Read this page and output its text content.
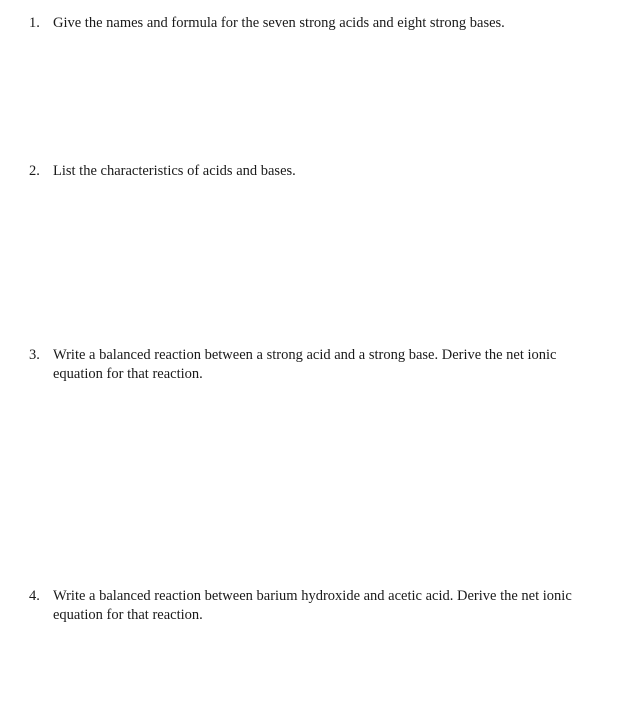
1. Give the names and formula for the seven strong acids and eight strong bases.
2. List the characteristics of acids and bases.
3. Write a balanced reaction between a strong acid and a strong base. Derive the net ionic equation for that reaction.
4. Write a balanced reaction between barium hydroxide and acetic acid. Derive the net ionic equation for that reaction.
